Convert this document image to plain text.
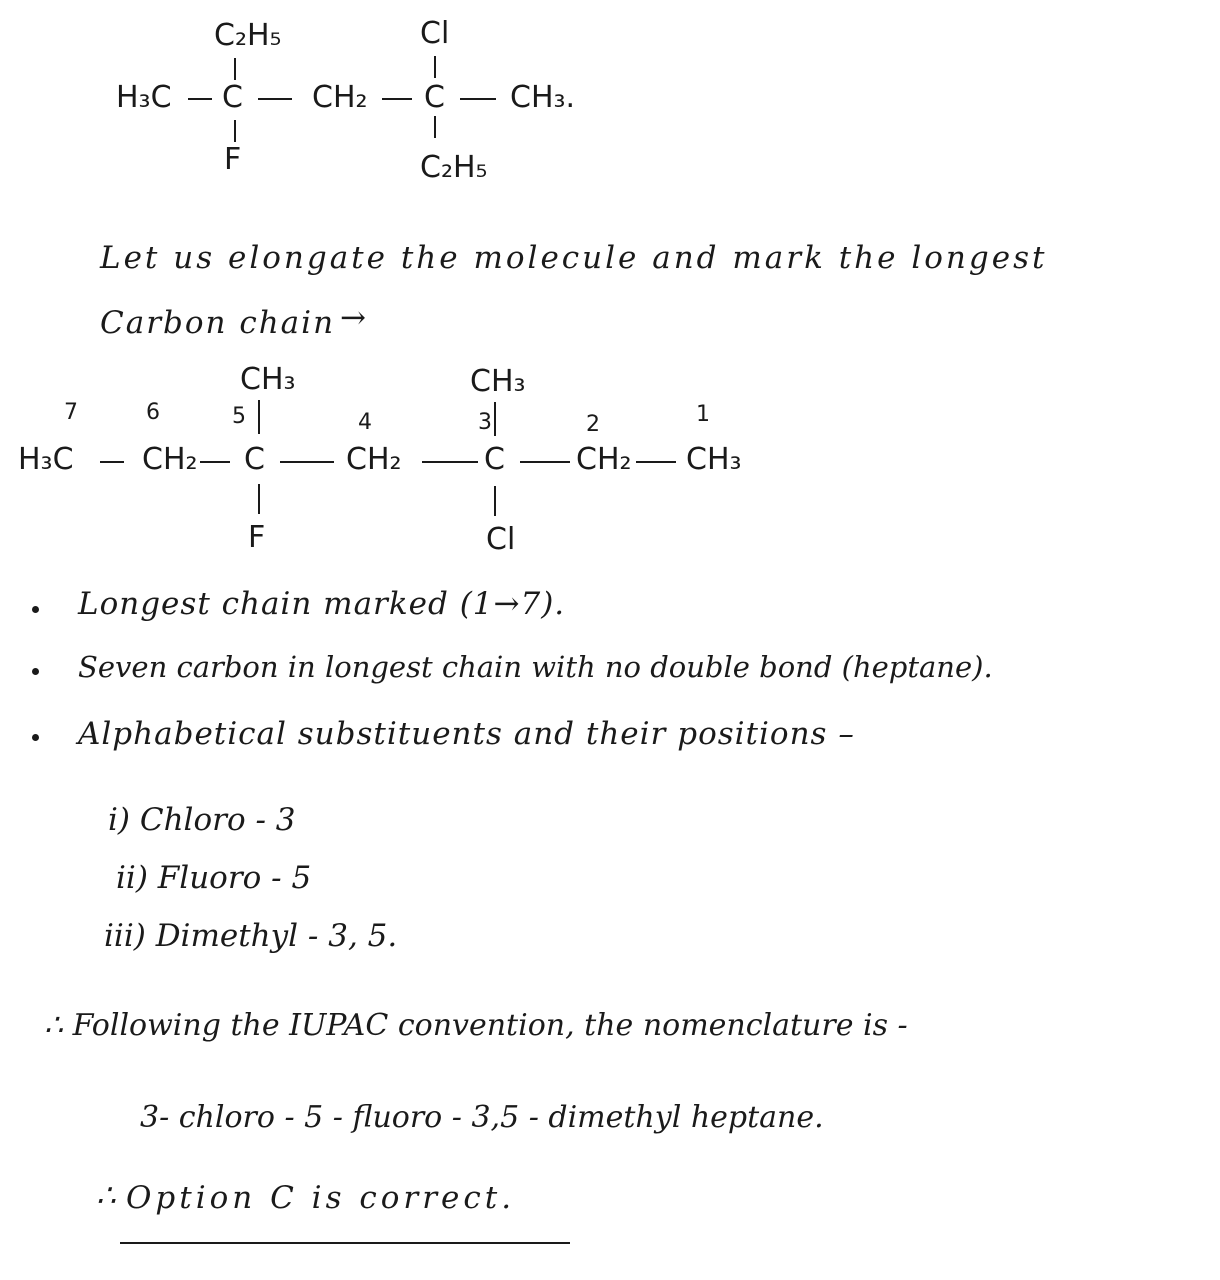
C₂H₅	Cl
H₃C C CH₂ C CH₃.
F	C₂H₅
Let us elongate the molecule and mark the longest
Carbon chain →
7	6	5	4	3	2	1
CH₃	CH₃
H₃C CH₂ C	CH₂	C CH₂ CH₃
F	Cl
Longest chain marked (1→7).
Seven carbon in longest chain with no double bond (heptane).
Alphabetical substituents and their positions –
i) Chloro - 3
ii) Fluoro - 5
iii) Dimethyl - 3, 5.
∴ Following the IUPAC convention, the nomenclature is -
3- chloro - 5 - fluoro - 3,5 - dimethyl heptane.
∴ Option C is correct.
